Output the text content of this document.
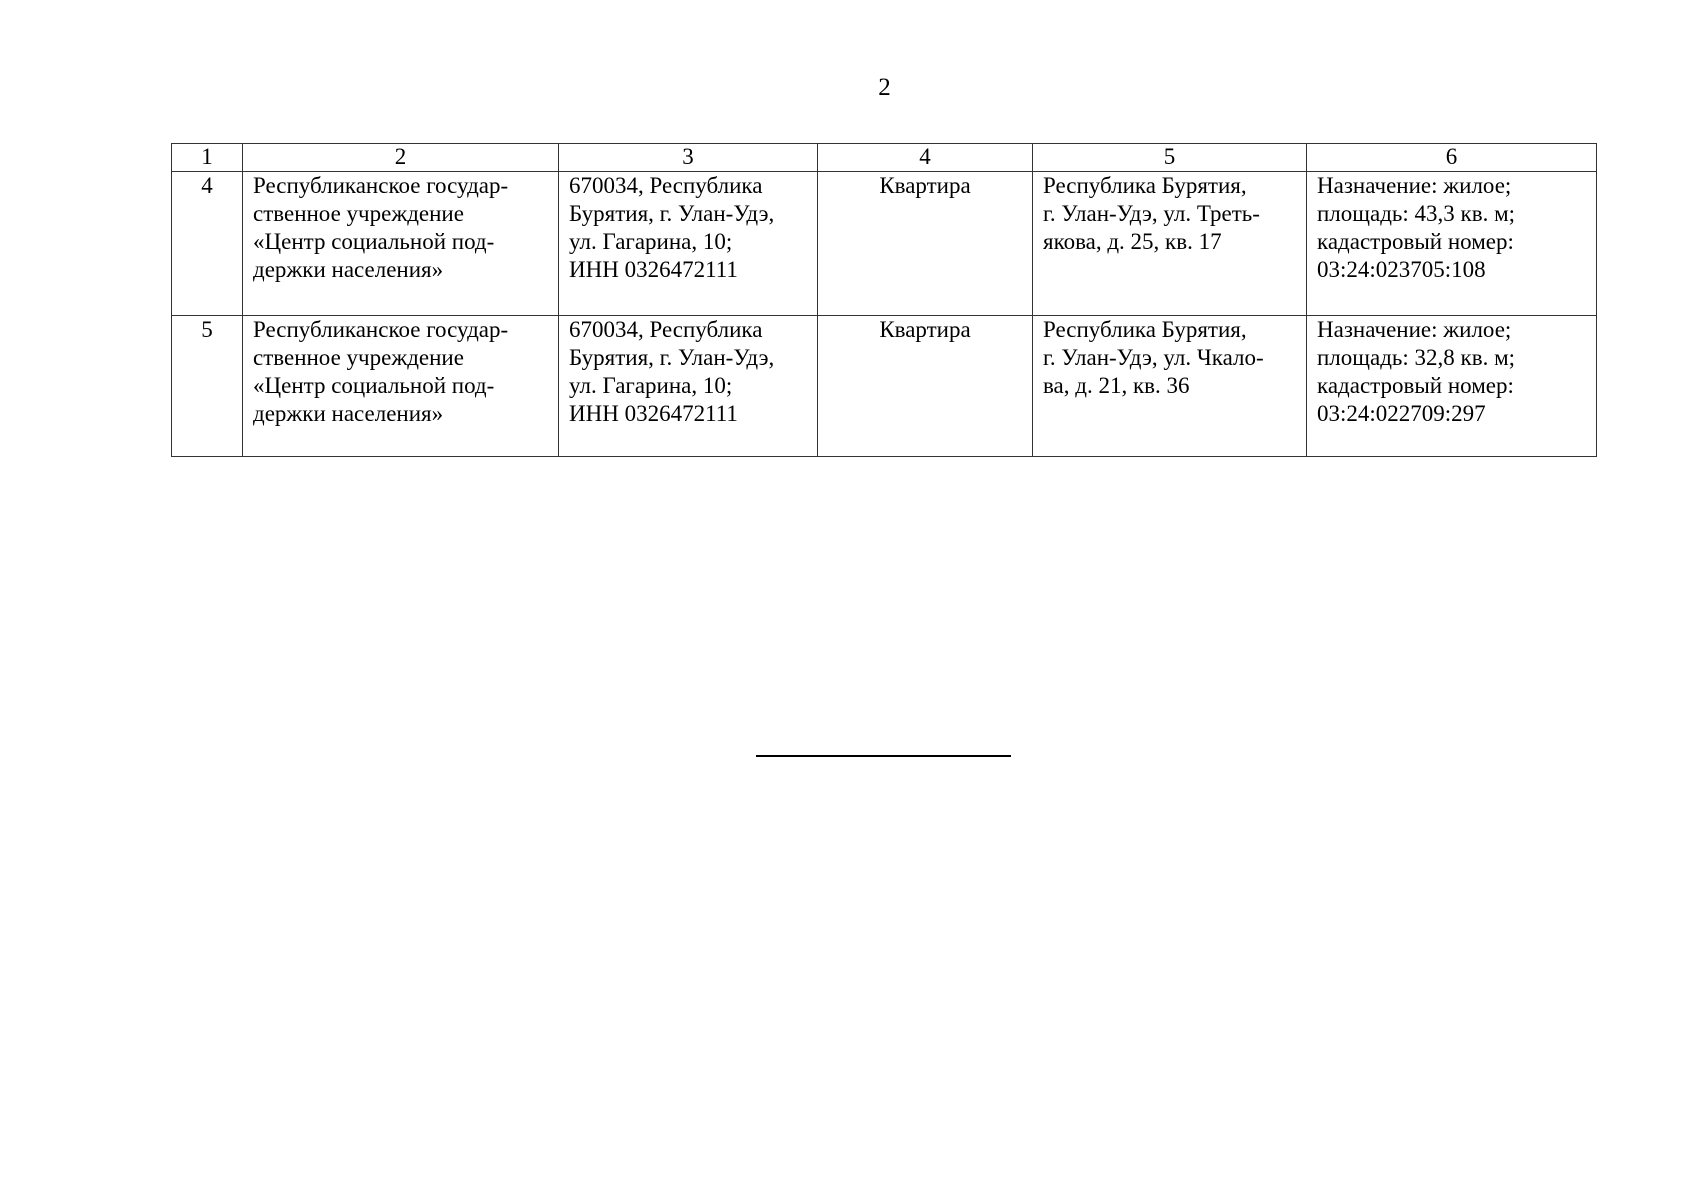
2
1	2	3	4	5	6
4	Республиканское государ-
ственное учреждение
«Центр социальной под-
держки населения»	670034, Республика
Бурятия, г. Улан-Удэ,
ул. Гагарина, 10;
ИНН 0326472111	Квартира	Республика Бурятия,
г. Улан-Удэ, ул. Треть-
якова, д. 25, кв. 17	Назначение: жилое;
площадь: 43,3 кв. м;
кадастровый номер:
03:24:023705:108
5	Республиканское государ-
ственное учреждение
«Центр социальной под-
держки населения»	670034, Республика
Бурятия, г. Улан-Удэ,
ул. Гагарина, 10;
ИНН 0326472111	Квартира	Республика Бурятия,
г. Улан-Удэ, ул. Чкало-
ва, д. 21, кв. 36	Назначение: жилое;
площадь: 32,8 кв. м;
кадастровый номер:
03:24:022709:297
